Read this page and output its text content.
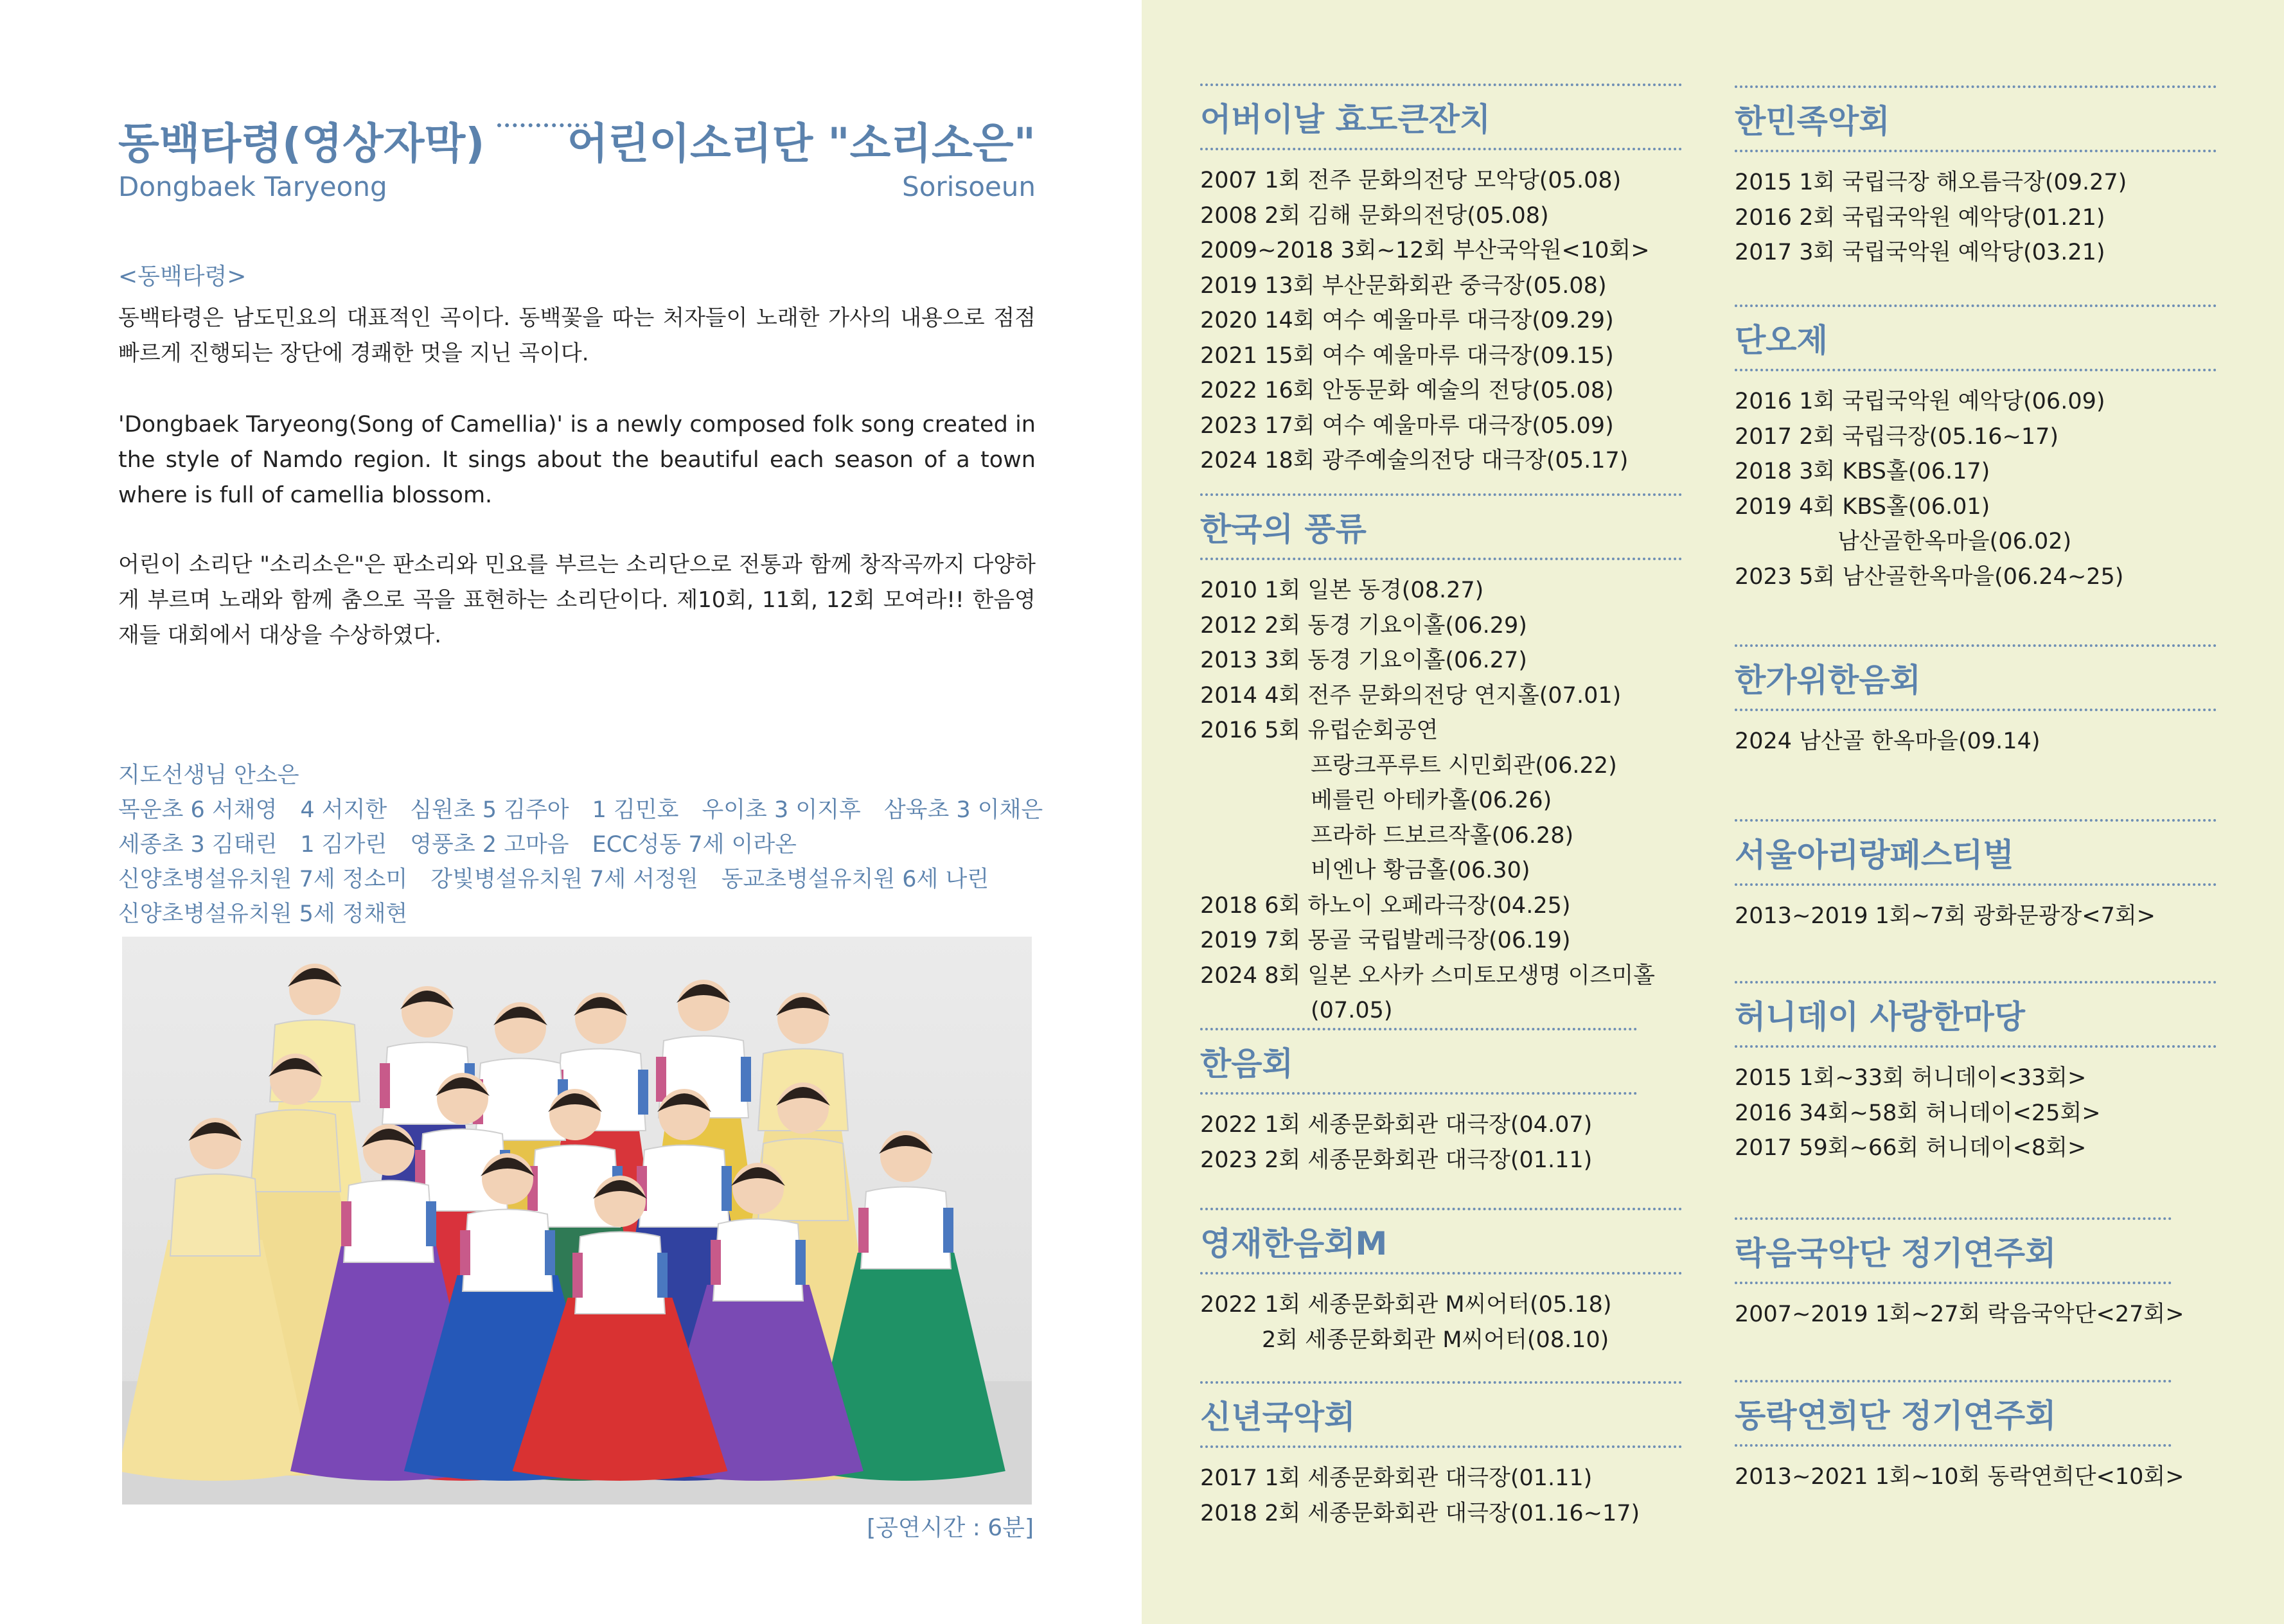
동백타령(영상자막) 어린이소리단 "소리소은"
Dongbaek Taryeong	Sorisoeun
<동백타령>
동백타령은 남도민요의 대표적인 곡이다. 동백꽃을 따는 처자들이 노래한 가사의 내용으로 점점 빠르게 진행되는 장단에 경쾌한 멋을 지닌 곡이다.
'Dongbaek Taryeong(Song of Camellia)' is a newly composed folk song created in the style of Namdo region. It sings about the beautiful each season of a town where is full of camellia blossom.
어린이 소리단 "소리소은"은 판소리와 민요를 부르는 소리단으로 전통과 함께 창작곡까지 다양하게 부르며 노래와 함께 춤으로 곡을 표현하는 소리단이다. 제10회, 11회, 12회 모여라!! 한음영재들 대회에서 대상을 수상하였다.
지도선생님 안소은
목운초 6 서채영 4 서지한 심원초 5 김주아 1 김민호 우이초 3 이지후 삼육초 3 이채은
세종초 3 김태린 1 김가린 영풍초 2 고마음 ECC성동 7세 이라온
신양초병설유치원 7세 정소미 강빛병설유치원 7세 서정원 동교초병설유치원 6세 나린
신양초병설유치원 5세 정채현
[공연시간 : 6분]
어버이날 효도큰잔치
2007 1회 전주 문화의전당 모악당(05.08)
2008 2회 김해 문화의전당(05.08)
2009~2018 3회~12회 부산국악원<10회>
2019 13회 부산문화회관 중극장(05.08)
2020 14회 여수 예울마루 대극장(09.29)
2021 15회 여수 예울마루 대극장(09.15)
2022 16회 안동문화 예술의 전당(05.08)
2023 17회 여수 예울마루 대극장(05.09)
2024 18회 광주예술의전당 대극장(05.17)
한국의 풍류
2010 1회 일본 동경(08.27)
2012 2회 동경 기요이홀(06.29)
2013 3회 동경 기요이홀(06.27)
2014 4회 전주 문화의전당 연지홀(07.01)
2016 5회 유럽순회공연
프랑크푸루트 시민회관(06.22)
베를린 아테카홀(06.26)
프라하 드보르작홀(06.28)
비엔나 황금홀(06.30)
2018 6회 하노이 오페라극장(04.25)
2019 7회 몽골 국립발레극장(06.19)
2024 8회 일본 오사카 스미토모생명 이즈미홀
(07.05)
한음회
2022 1회 세종문화회관 대극장(04.07)
2023 2회 세종문화회관 대극장(01.11)
영재한음회M
2022 1회 세종문화회관 M씨어터(05.18)
2회 세종문화회관 M씨어터(08.10)
신년국악회
2017 1회 세종문화회관 대극장(01.11)
2018 2회 세종문화회관 대극장(01.16~17)
한민족악회
2015 1회 국립극장 해오름극장(09.27)
2016 2회 국립국악원 예악당(01.21)
2017 3회 국립국악원 예악당(03.21)
단오제
2016 1회 국립국악원 예악당(06.09)
2017 2회 국립극장(05.16~17)
2018 3회 KBS홀(06.17)
2019 4회 KBS홀(06.01)
남산골한옥마을(06.02)
2023 5회 남산골한옥마을(06.24~25)
한가위한음회
2024 남산골 한옥마을(09.14)
서울아리랑페스티벌
2013~2019 1회~7회 광화문광장<7회>
허니데이 사랑한마당
2015 1회~33회 허니데이<33회>
2016 34회~58회 허니데이<25회>
2017 59회~66회 허니데이<8회>
락음국악단 정기연주회
2007~2019 1회~27회 락음국악단<27회>
동락연희단 정기연주회
2013~2021 1회~10회 동락연희단<10회>
